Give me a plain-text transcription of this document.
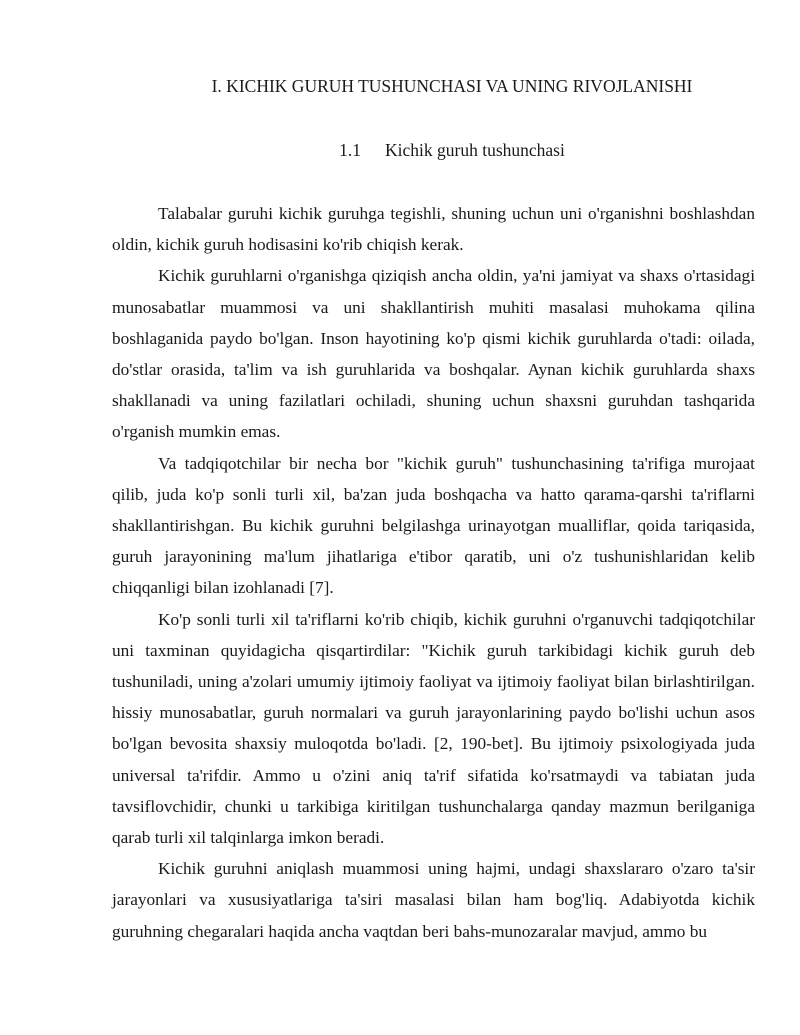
I. KICHIK GURUH TUSHUNCHASI VA UNING RIVOJLANISHI
1.1 Kichik guruh tushunchasi

Talabalar guruhi kichik guruhga tegishli, shuning uchun uni o'rganishni boshlashdan oldin, kichik guruh hodisasini ko'rib chiqish kerak.

Kichik guruhlarni o'rganishga qiziqish ancha oldin, ya'ni jamiyat va shaxs o'rtasidagi munosabatlar muammosi va uni shakllantirish muhiti masalasi muhokama qilina boshlaganida paydo bo'lgan. Inson hayotining ko'p qismi kichik guruhlarda o'tadi: oilada, do'stlar orasida, ta'lim va ish guruhlarida va boshqalar. Aynan kichik guruhlarda shaxs shakllanadi va uning fazilatlari ochiladi, shuning uchun shaxsni guruhdan tashqarida o'rganish mumkin emas.

Va tadqiqotchilar bir necha bor "kichik guruh" tushunchasining ta'rifiga murojaat qilib, juda ko'p sonli turli xil, ba'zan juda boshqacha va hatto qarama-qarshi ta'riflarni shakllantirishgan. Bu kichik guruhni belgilashga urinayotgan mualliflar, qoida tariqasida, guruh jarayonining ma'lum jihatlariga e'tibor qaratib, uni o'z tushunishlaridan kelib chiqqanligi bilan izohlanadi [7].

Ko'p sonli turli xil ta'riflarni ko'rib chiqib, kichik guruhni o'rganuvchi tadqiqotchilar uni taxminan quyidagicha qisqartirdilar: "Kichik guruh tarkibidagi kichik guruh deb tushuniladi, uning a'zolari umumiy ijtimoiy faoliyat va ijtimoiy faoliyat bilan birlashtirilgan. hissiy munosabatlar, guruh normalari va guruh jarayonlarining paydo bo'lishi uchun asos bo'lgan bevosita shaxsiy muloqotda bo'ladi. [2, 190-bet]. Bu ijtimoiy psixologiyada juda universal ta'rifdir. Ammo u o'zini aniq ta'rif sifatida ko'rsatmaydi va tabiatan juda tavsiflovchidir, chunki u tarkibiga kiritilgan tushunchalarga qanday mazmun berilganiga qarab turli xil talqinlarga imkon beradi.

Kichik guruhni aniqlash muammosi uning hajmi, undagi shaxslararo o'zaro ta'sir jarayonlari va xususiyatlariga ta'siri masalasi bilan ham bog'liq. Adabiyotda kichik guruhning chegaralari haqida ancha vaqtdan beri bahs-munozaralar mavjud, ammo bu
